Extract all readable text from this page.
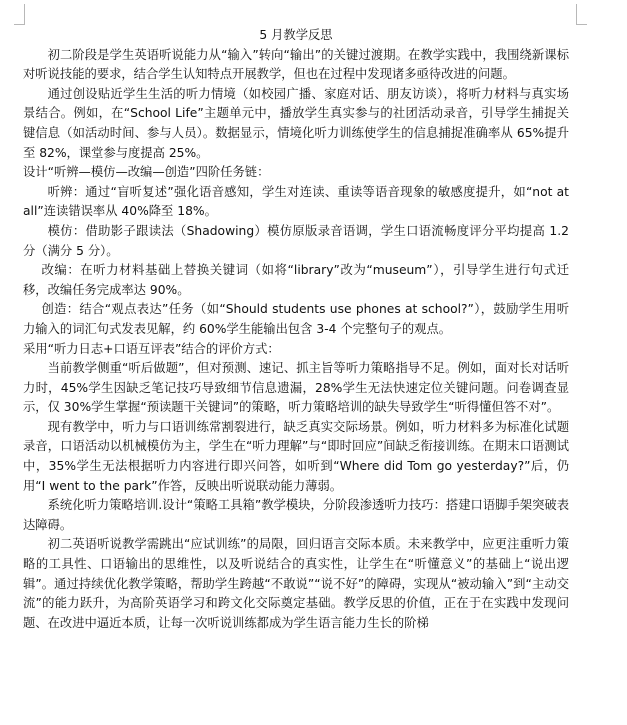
5 月教学反思

初二阶段是学生英语听说能力从“输入”转向“输出”的关键过渡期。在教学实践中，我围绕新课标对听说技能的要求，结合学生认知特点开展教学，但也在过程中发现诸多亟待改进的问题。

通过创设贴近学生生活的听力情境（如校园广播、家庭对话、朋友访谈），将听力材料与真实场景结合。例如，在“School Life”主题单元中，播放学生真实参与的社团活动录音，引导学生捕捉关键信息（如活动时间、参与人员）。数据显示，情境化听力训练使学生的信息捕捉准确率从 65%提升至 82%，课堂参与度提高 25%。

设计“听辨—模仿—改编—创造”四阶任务链：

听辨：通过“盲听复述”强化语音感知，学生对连读、重读等语音现象的敏感度提升，如“not at all”连读错误率从 40%降至 18%。

模仿：借助影子跟读法（Shadowing）模仿原版录音语调，学生口语流畅度评分平均提高 1.2 分（满分 5 分）。

改编：在听力材料基础上替换关键词（如将“library”改为“museum”），引导学生进行句式迁移，改编任务完成率达 90%。

创造：结合“观点表达”任务（如“Should students use phones at school?”），鼓励学生用听力输入的词汇句式发表见解，约 60%学生能输出包含 3-4 个完整句子的观点。

采用“听力日志+口语互评表”结合的评价方式：

当前教学侧重“听后做题”，但对预测、速记、抓主旨等听力策略指导不足。例如，面对长对话听力时，45%学生因缺乏笔记技巧导致细节信息遗漏，28%学生无法快速定位关键问题。问卷调查显示，仅 30%学生掌握“预读题干关键词”的策略，听力策略培训的缺失导致学生“听得懂但答不对”。

现有教学中，听力与口语训练常割裂进行，缺乏真实交际场景。例如，听力材料多为标准化试题录音，口语活动以机械模仿为主，学生在“听力理解”与“即时回应”间缺乏衔接训练。在期末口语测试中，35%学生无法根据听力内容进行即兴问答，如听到“Where did Tom go yesterday?”后，仍用“I went to the park”作答，反映出听说联动能力薄弱。

系统化听力策略培训.设计“策略工具箱”教学模块，分阶段渗透听力技巧：搭建口语脚手架突破表达障碍。

初二英语听说教学需跳出“应试训练”的局限，回归语言交际本质。未来教学中，应更注重听力策略的工具性、口语输出的思维性，以及听说结合的真实性，让学生在“听懂意义”的基础上“说出逻辑”。通过持续优化教学策略，帮助学生跨越“不敢说”“说不好”的障碍，实现从“被动输入”到“主动交流”的能力跃升，为高阶英语学习和跨文化交际奠定基础。教学反思的价值，正在于在实践中发现问题、在改进中逼近本质，让每一次听说训练都成为学生语言能力生长的阶梯
